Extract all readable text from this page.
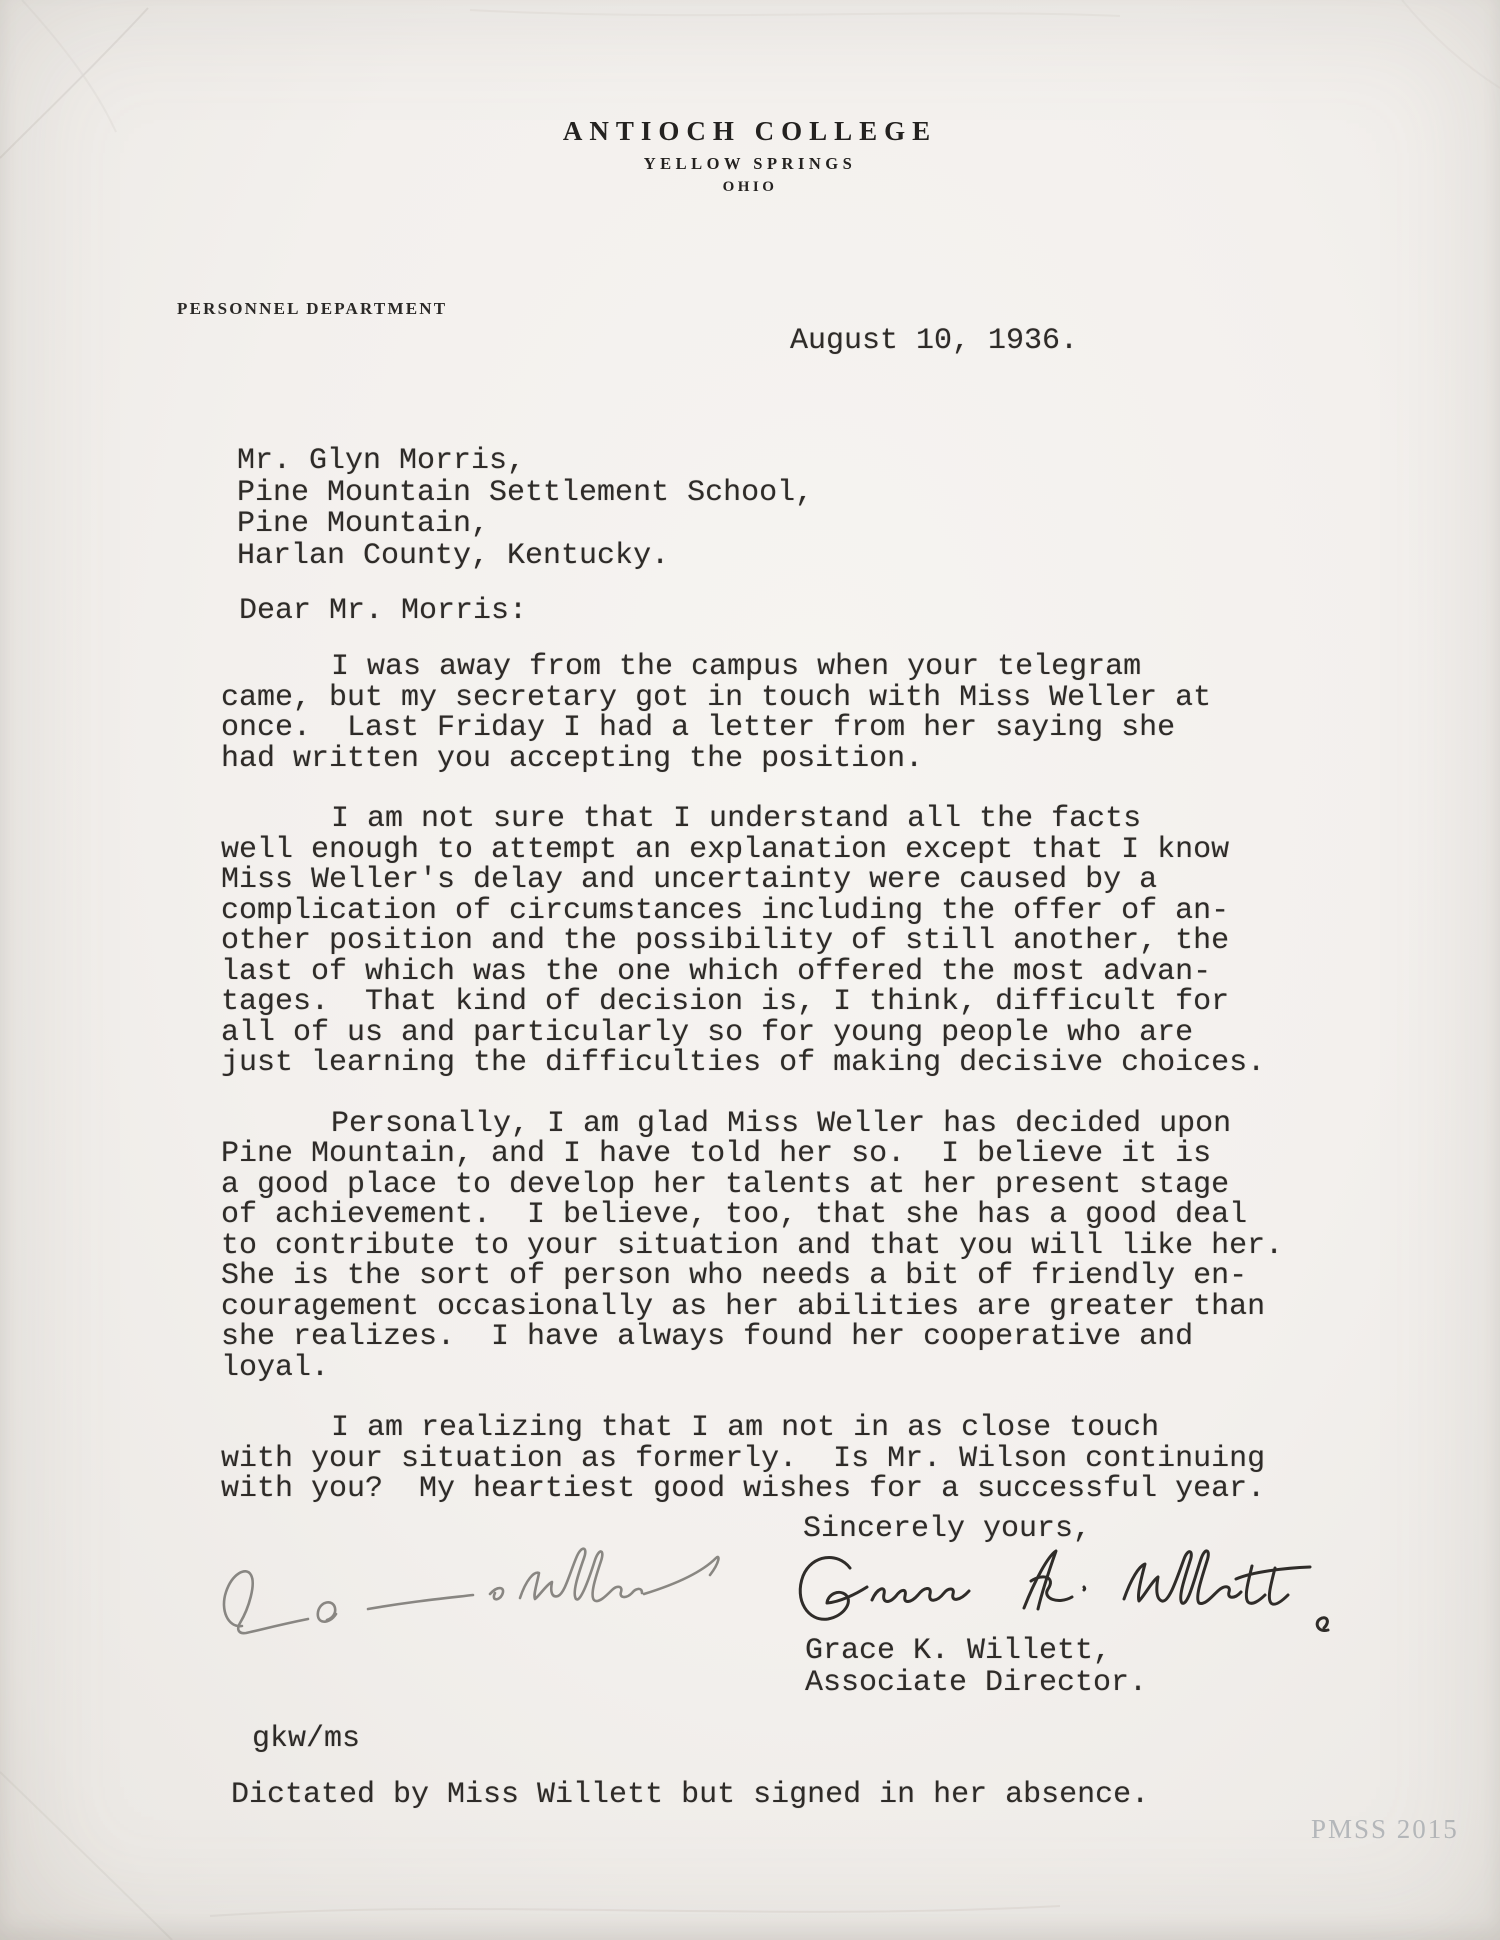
ANTIOCH COLLEGE
YELLOW SPRINGS
OHIO
PERSONNEL DEPARTMENT
August 10, 1936.
Mr. Glyn Morris,
Pine Mountain Settlement School,
Pine Mountain,
Harlan County, Kentucky.
Dear Mr. Morris:
I was away from the campus when your telegram
came, but my secretary got in touch with Miss Weller at
once.  Last Friday I had a letter from her saying she
had written you accepting the position.
I am not sure that I understand all the facts
well enough to attempt an explanation except that I know
Miss Weller's delay and uncertainty were caused by a
complication of circumstances including the offer of an-
other position and the possibility of still another, the
last of which was the one which offered the most advan-
tages.  That kind of decision is, I think, difficult for
all of us and particularly so for young people who are
just learning the difficulties of making decisive choices.
Personally, I am glad Miss Weller has decided upon
Pine Mountain, and I have told her so.  I believe it is
a good place to develop her talents at her present stage
of achievement.  I believe, too, that she has a good deal
to contribute to your situation and that you will like her.
She is the sort of person who needs a bit of friendly en-
couragement occasionally as her abilities are greater than
she realizes.  I have always found her cooperative and
loyal.
I am realizing that I am not in as close touch
with your situation as formerly.  Is Mr. Wilson continuing
with you?  My heartiest good wishes for a successful year.
Sincerely yours,
Grace K. Willett,
Associate Director.
gkw/ms
Dictated by Miss Willett but signed in her absence.
PMSS 2015
